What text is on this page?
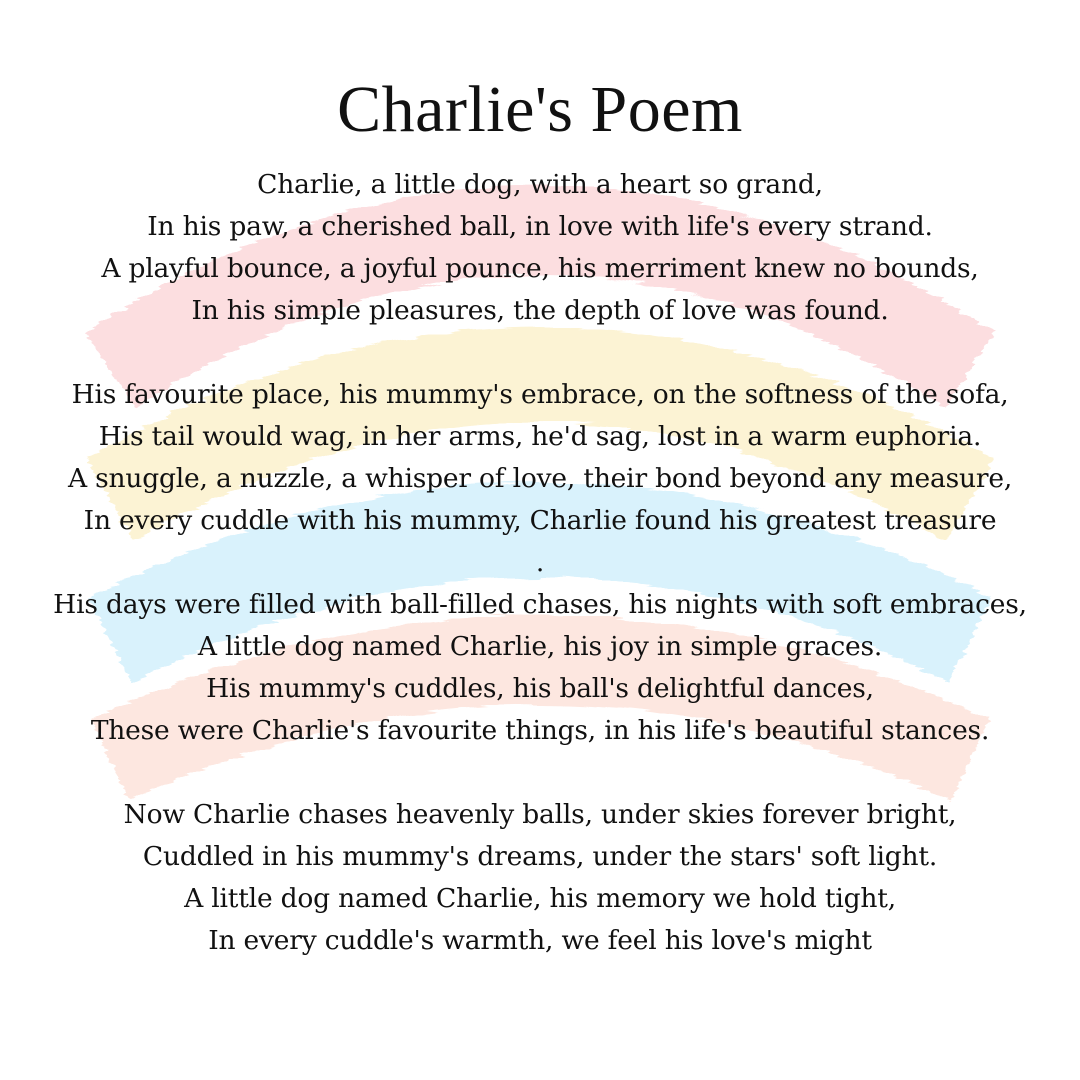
Charlie's Poem

Charlie, a little dog, with a heart so grand,
In his paw, a cherished ball, in love with life's every strand.
A playful bounce, a joyful pounce, his merriment knew no bounds,
In his simple pleasures, the depth of love was found.

His favourite place, his mummy's embrace, on the softness of the sofa,
His tail would wag, in her arms, he'd sag, lost in a warm euphoria.
A snuggle, a nuzzle, a whisper of love, their bond beyond any measure,
In every cuddle with his mummy, Charlie found his greatest treasure
.

His days were filled with ball-filled chases, his nights with soft embraces,
A little dog named Charlie, his joy in simple graces.
His mummy's cuddles, his ball's delightful dances,
These were Charlie's favourite things, in his life's beautiful stances.

Now Charlie chases heavenly balls, under skies forever bright,
Cuddled in his mummy's dreams, under the stars' soft light.
A little dog named Charlie, his memory we hold tight,
In every cuddle's warmth, we feel his love's might
